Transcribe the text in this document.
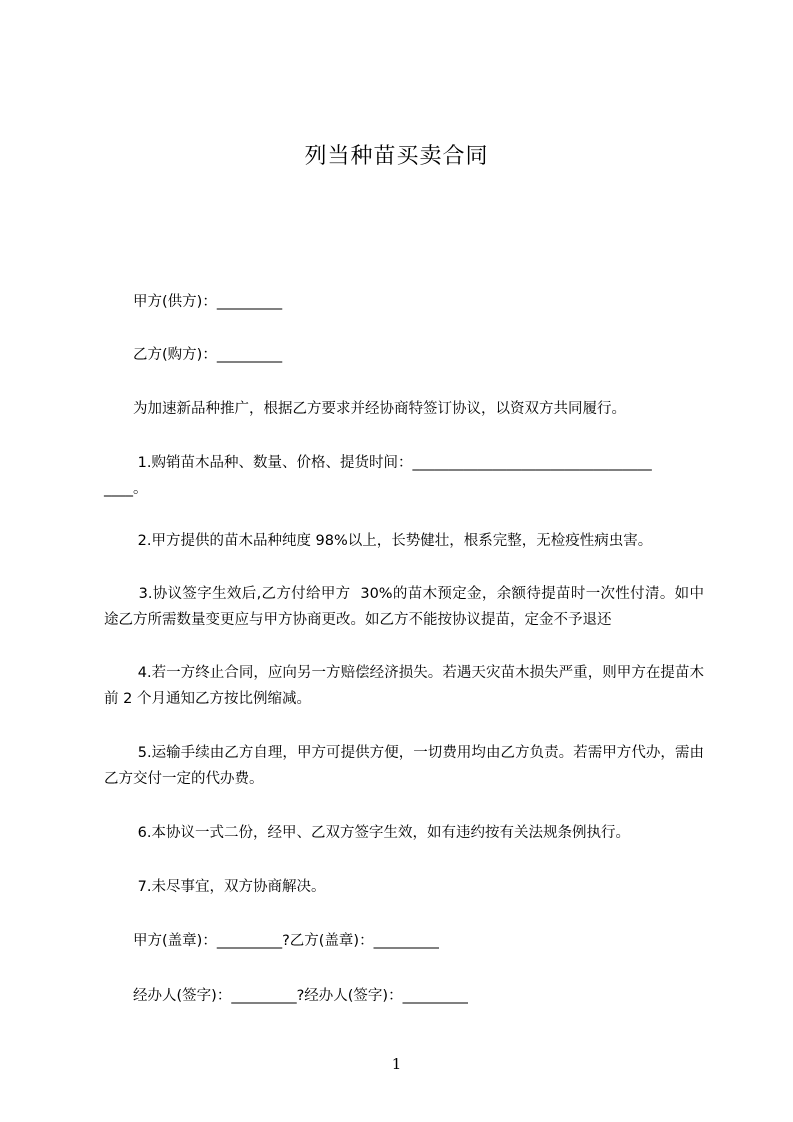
列当种苗买卖合同
　　甲方(供方)：_________
　　乙方(购方)：_________
　　为加速新品种推广，根据乙方要求并经协商特签订协议，以资双方共同履行。
　　 1.购销苗木品种、数量、价格、提货时间：_________________________________
____。
　　 2.甲方提供的苗木品种纯度 98%以上，长势健壮，根系完整，无检疫性病虫害。
　　 3.协议签字生效后,乙方付给甲方  30%的苗木预定金，余额待提苗时一次性付清。如中途乙方所需数量变更应与甲方协商更改。如乙方不能按协议提苗，定金不予退还
　　 4.若一方终止合同，应向另一方赔偿经济损失。若遇天灾苗木损失严重，则甲方在提苗木前 2 个月通知乙方按比例缩减。
　　 5.运输手续由乙方自理，甲方可提供方便，一切费用均由乙方负责。若需甲方代办，需由乙方交付一定的代办费。
　　 6.本协议一式二份，经甲、乙双方签字生效，如有违约按有关法规条例执行。
　　 7.未尽事宜，双方协商解决。
　　甲方(盖章)：_________?乙方(盖章)：_________
　　经办人(签字)：_________?经办人(签字)：_________
1
